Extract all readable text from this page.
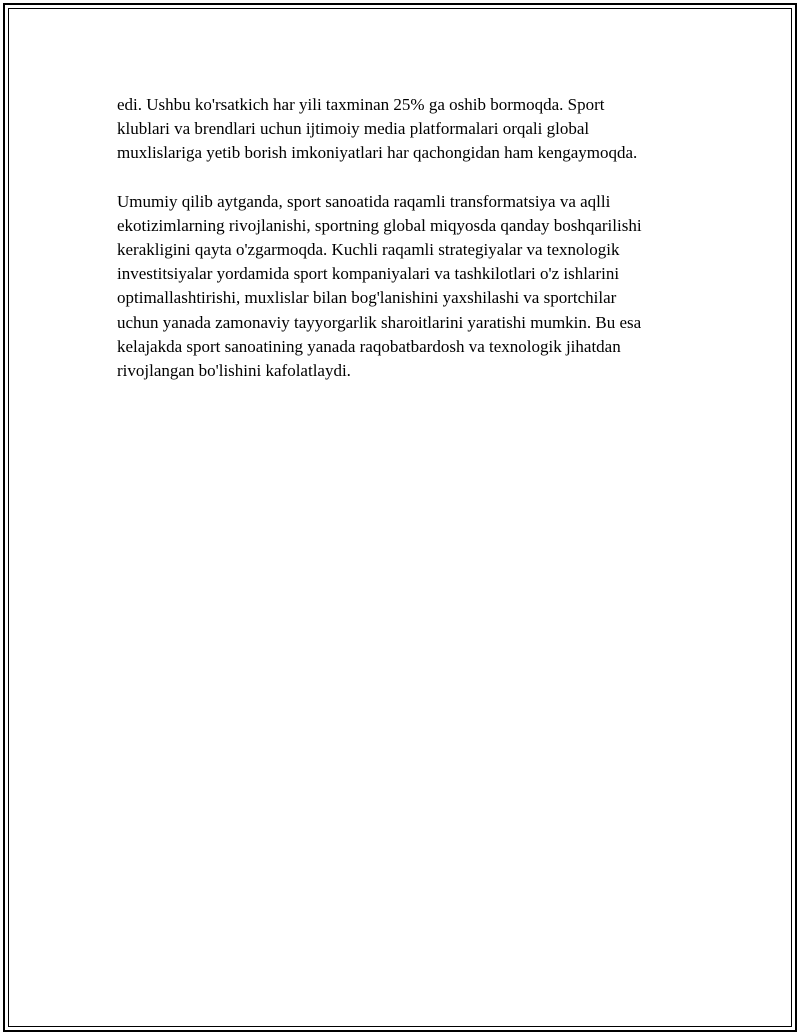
edi. Ushbu ko'rsatkich har yili taxminan 25% ga oshib bormoqda. Sport
klublari va brendlari uchun ijtimoiy media platformalari orqali global
muxlislariga yetib borish imkoniyatlari har qachongidan ham kengaymoqda.

Umumiy qilib aytganda, sport sanoatida raqamli transformatsiya va aqlli
ekotizimlarning rivojlanishi, sportning global miqyosda qanday boshqarilishi
kerakligini qayta o'zgarmoqda. Kuchli raqamli strategiyalar va texnologik
investitsiyalar yordamida sport kompaniyalari va tashkilotlari o'z ishlarini
optimallashtirishi, muxlislar bilan bog'lanishini yaxshilashi va sportchilar
uchun yanada zamonaviy tayyorgarlik sharoitlarini yaratishi mumkin. Bu esa
kelajakda sport sanoatining yanada raqobatbardosh va texnologik jihatdan
rivojlangan bo'lishini kafolatlaydi.
